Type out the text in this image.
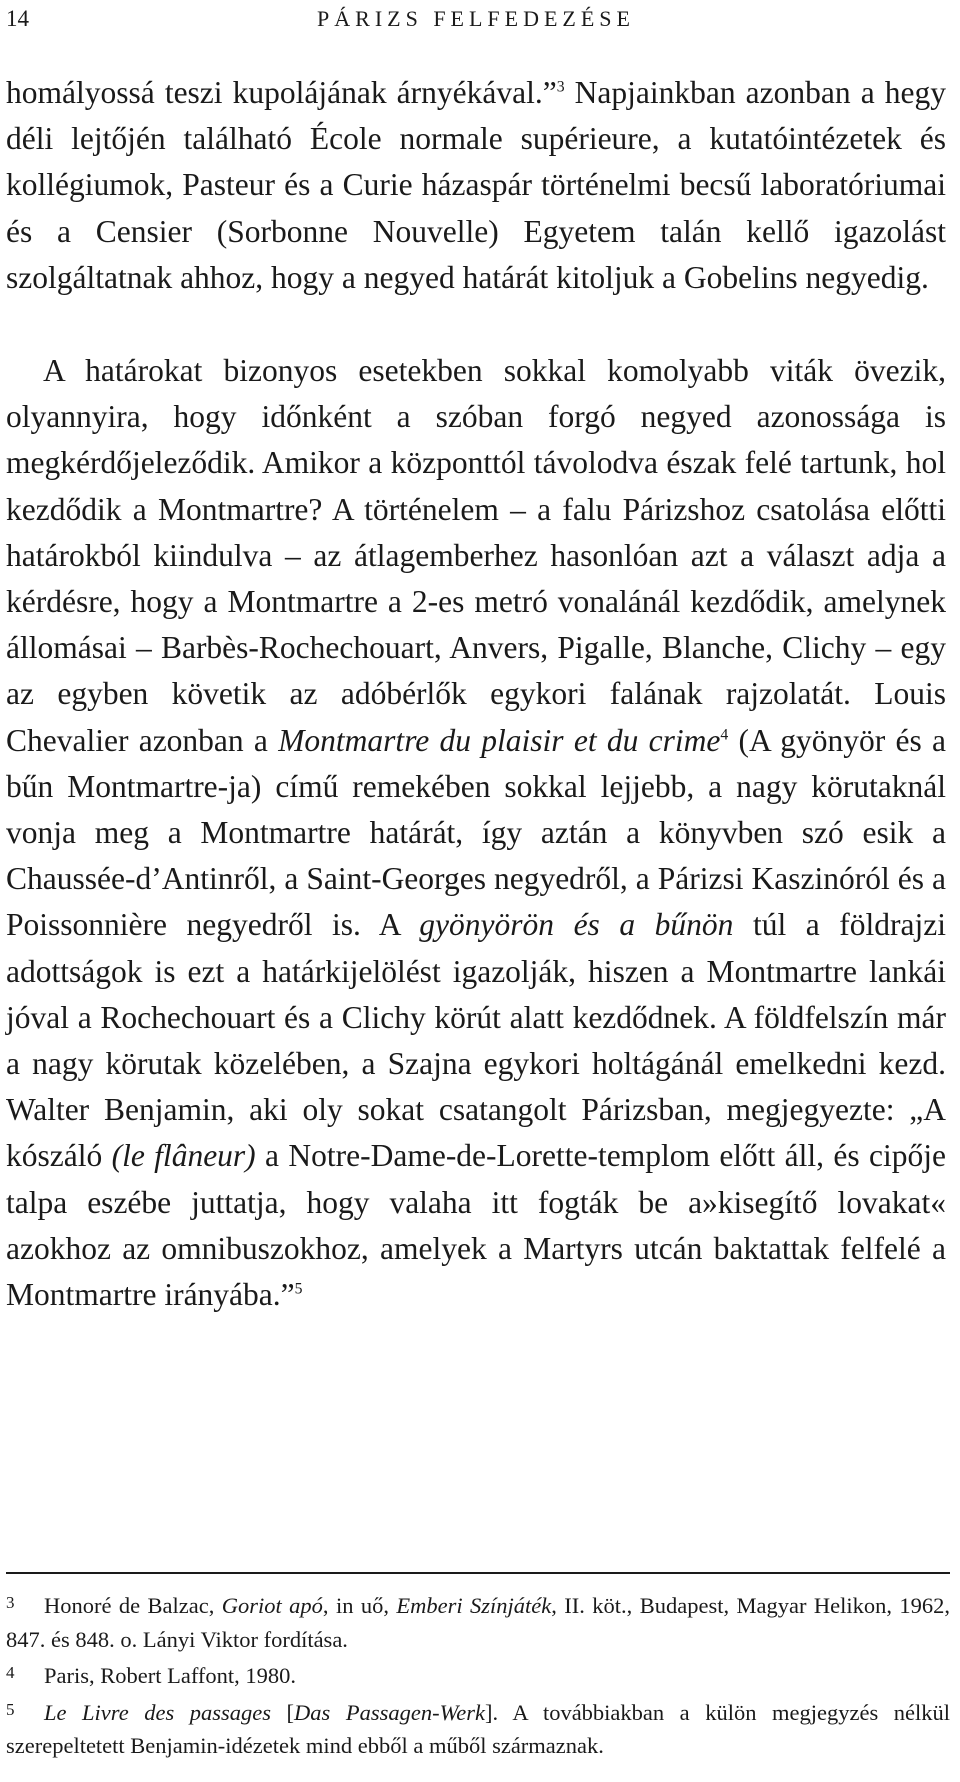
14	PÁRIZS FELFEDEZÉSE

homályossá teszi kupolájának árnyékával.”$^3$ Napjainkban azonban a hegy déli lejtőjén található École normale supérieure, a kutatóintézetek és kollégiumok, Pasteur és a Curie házaspár történelmi becsű laboratóriumai és a Censier (Sorbonne Nouvelle) Egyetem talán kellő igazolást szolgáltatnak ahhoz, hogy a negyed határát kitoljuk a Gobelins negyedig.

A határokat bizonyos esetekben sokkal komolyabb viták övezik, olyannyira, hogy időnként a szóban forgó negyed azonossága is megkérdőjeleződik. Amikor a központtól távolodva észak felé tartunk, hol kezdődik a Montmartre? A történelem – a falu Párizshoz csatolása előtti határokból kiindulva – az átlagemberhez hasonlóan azt a választ adja a kérdésre, hogy a Montmartre a 2-es metró vonalánál kezdődik, amelynek állomásai – Barbès-Rochechouart, Anvers, Pigalle, Blanche, Clichy – egy az egyben követik az adóbérlők egykori falának rajzolatát. Louis Chevalier azonban a Montmartre du plaisir et du crime$^4$ (A gyönyör és a bűn Montmartre-ja) című remekében sokkal lejjebb, a nagy körutaknál vonja meg a Montmartre határát, így aztán a könyvben szó esik a Chaussée-d’Antinről, a Saint-Georges negyedről, a Párizsi Kaszinóról és a Poissonnière negyedről is. A gyönyörön és a bűnön túl a földrajzi adottságok is ezt a határkijelölést igazolják, hiszen a Montmartre lankái jóval a Rochechouart és a Clichy körút alatt kezdődnek. A földfelszín már a nagy körutak közelében, a Szajna egykori holtágánál emelkedni kezd. Walter Benjamin, aki oly sokat csatangolt Párizsban, megjegyezte: „A kószáló (le flâneur) a Notre-Dame-de-Lorette-templom előtt áll, és cipője talpa eszébe juttatja, hogy valaha itt fogták be a»kisegítő lovakat« azokhoz az omnibuszokhoz, amelyek a Martyrs utcán baktattak felfelé a Montmartre irányába.”$^5$

3 Honoré de Balzac, Goriot apó, in uő, Emberi Színjáték, II. köt., Budapest, Magyar Helikon, 1962, 847. és 848. o. Lányi Viktor fordítása.
4 Paris, Robert Laffont, 1980.
5 Le Livre des passages [Das Passagen-Werk]. A továbbiakban a külön megjegyzés nélkül szerepeltetett Benjamin-idézetek mind ebből a műből származnak.
